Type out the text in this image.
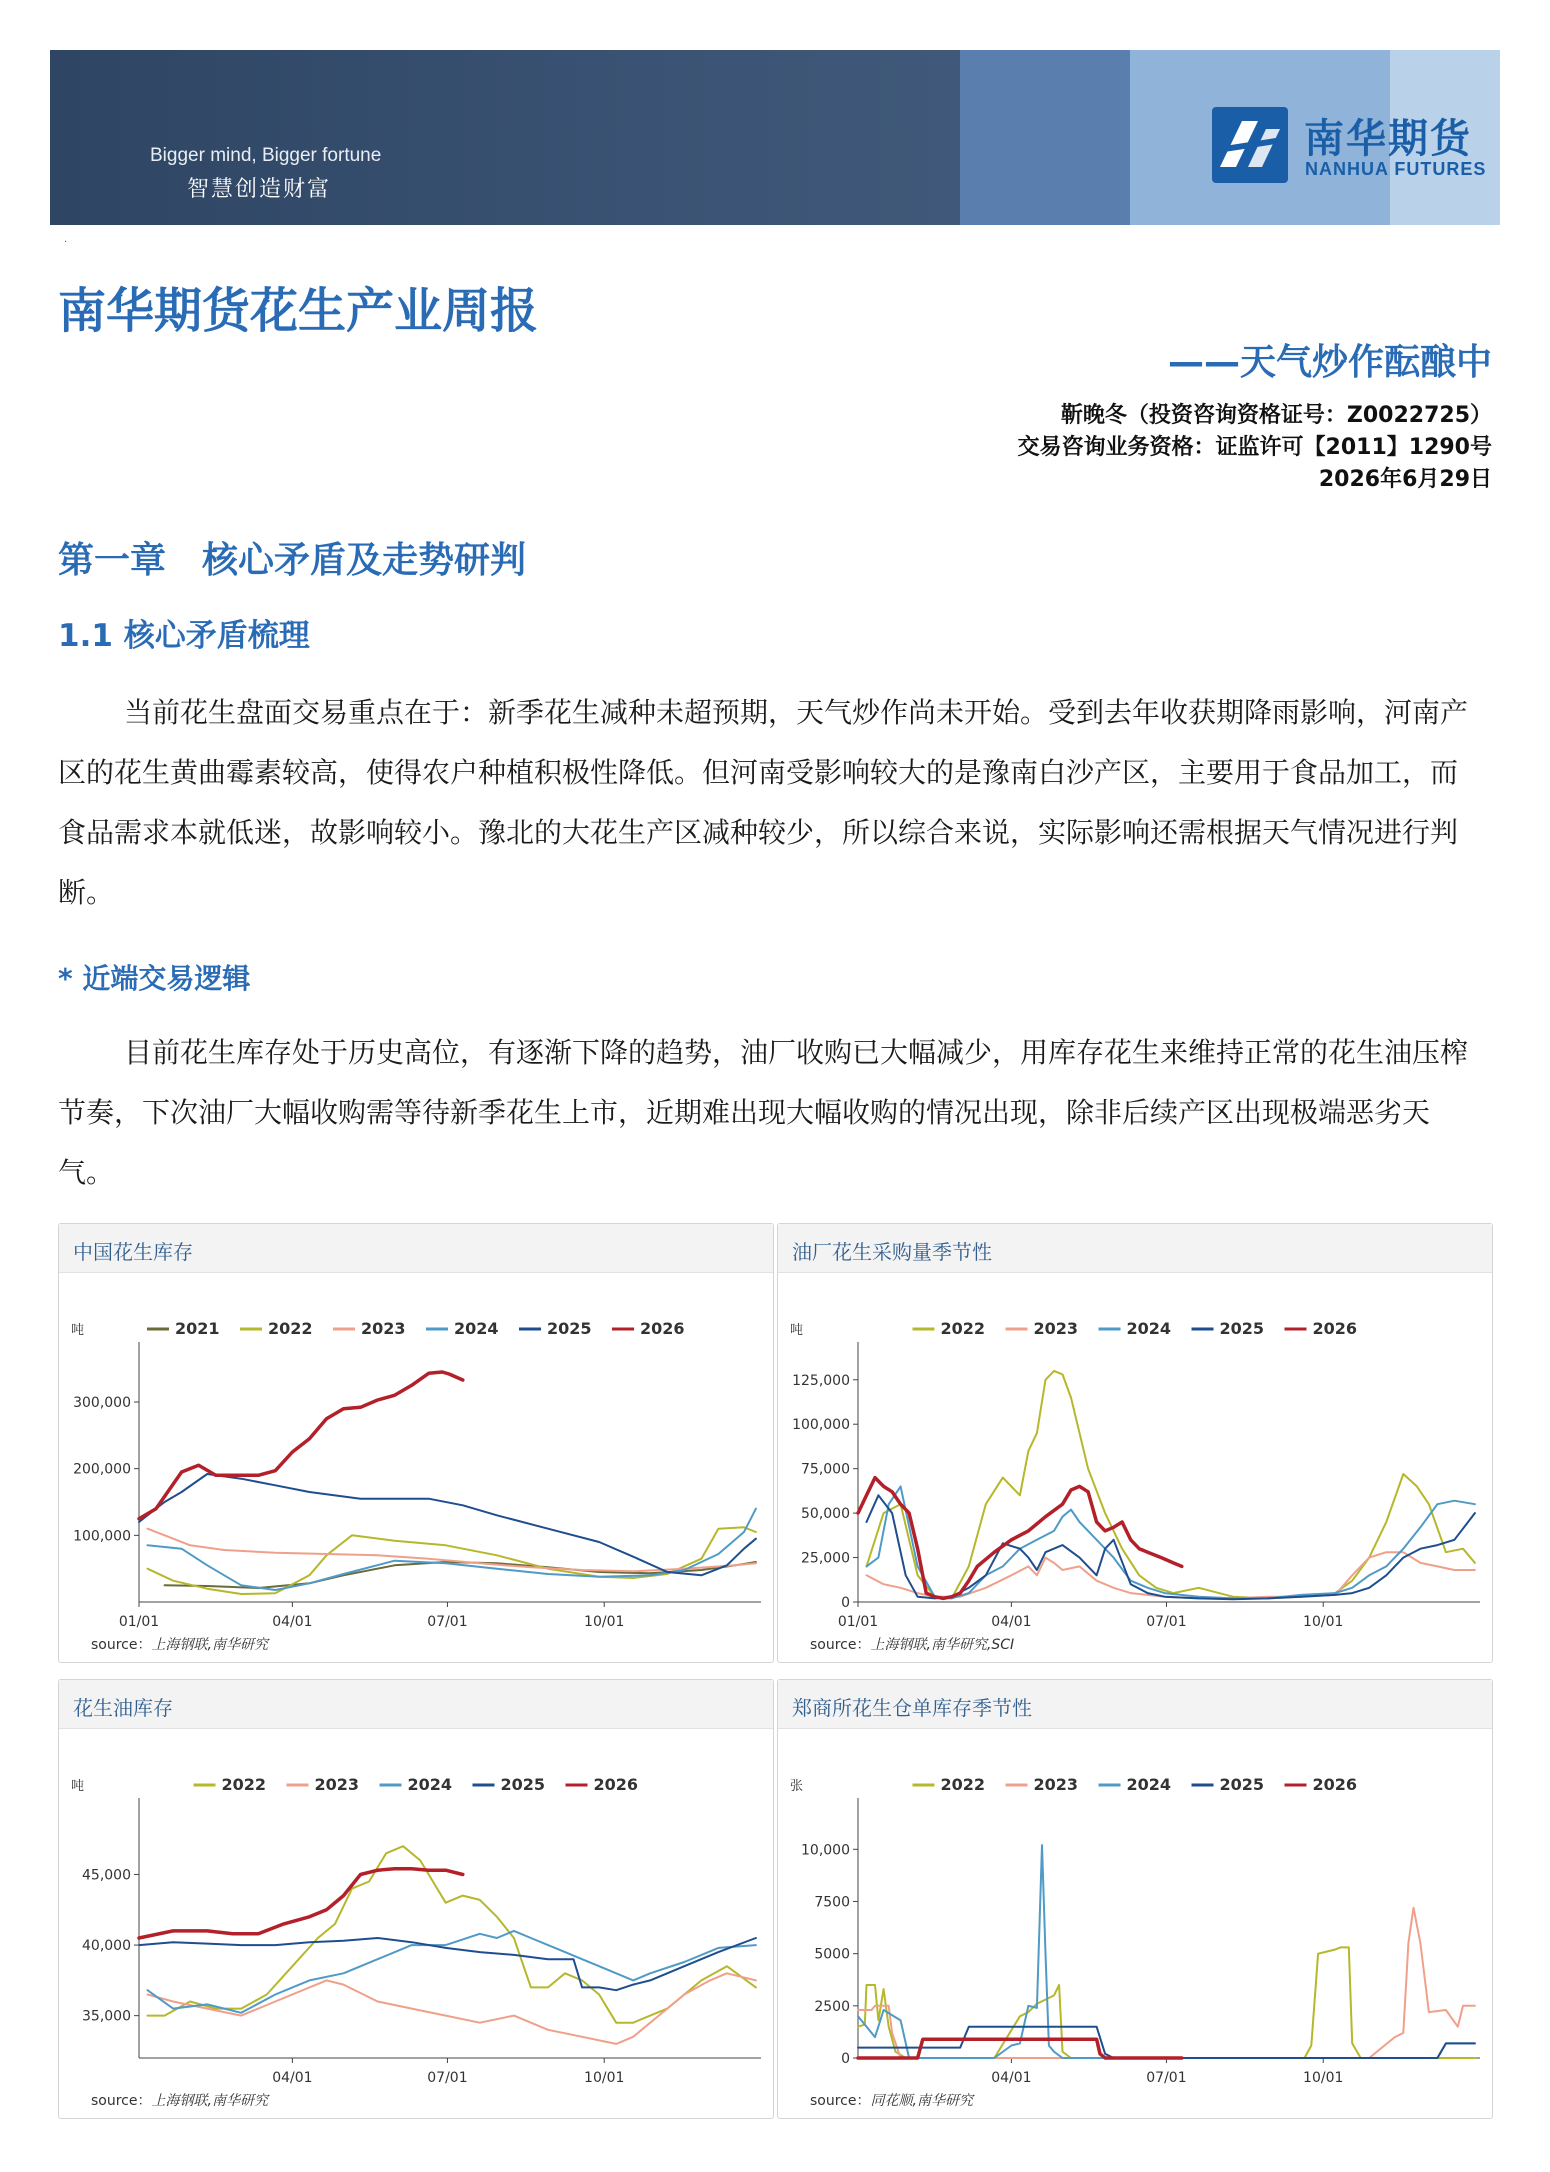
Bigger mind, Bigger fortune
智慧创造财富
南华期货
NANHUA FUTURES
.
南华期货花生产业周报
——天气炒作酝酿中
靳晚冬（投资咨询资格证号：Z0022725）
交易咨询业务资格：证监许可【2011】1290号
2026年6月29日
第一章　核心矛盾及走势研判
1.1 核心矛盾梳理
当前花生盘面交易重点在于：新季花生减种未超预期，天气炒作尚未开始。受到去年收获期降雨影响，河南产区的花生黄曲霉素较高，使得农户种植积极性降低。但河南受影响较大的是豫南白沙产区，主要用于食品加工，而食品需求本就低迷，故影响较小。豫北的大花生产区减种较少，所以综合来说，实际影响还需根据天气情况进行判断。
* 近端交易逻辑
目前花生库存处于历史高位，有逐渐下降的趋势，油厂收购已大幅减少，用库存花生来维持正常的花生油压榨节奏，下次油厂大幅收购需等待新季花生上市，近期难出现大幅收购的情况出现，除非后续产区出现极端恶劣天气。
中国花生库存
吨
100,000
200,000
300,000
01/01	04/01	07/01	10/01
2021	2022	2023	2024	2025	2026
source：上海钢联,南华研究
油厂花生采购量季节性
吨
0
25,000
50,000
75,000
100,000
125,000
01/01	04/01	07/01	10/01
2022	2023	2024	2025	2026
source：上海钢联,南华研究,SCI
花生油库存
吨
35,000
40,000
45,000
04/01	07/01	10/01
2022	2023	2024	2025	2026
source：上海钢联,南华研究
郑商所花生仓单库存季节性
张
0
2500
5000
7500
10,000
04/01	07/01	10/01
2022	2023	2024	2025	2026
source：同花顺,南华研究
